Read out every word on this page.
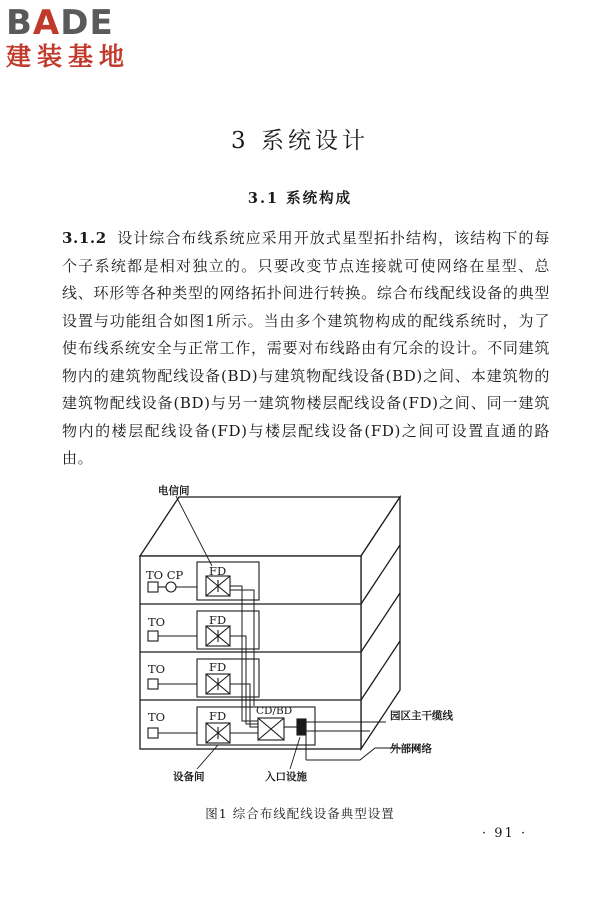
BADE
建装基地
3 系统设计
3.1 系统构成
3.1.2 设计综合布线系统应采用开放式星型拓扑结构，该结构下的每个子系统都是相对独立的。只要改变节点连接就可使网络在星型、总线、环形等各种类型的网络拓扑间进行转换。综合布线配线设备的典型设置与功能组合如图1所示。当由多个建筑物构成的配线系统时，为了使布线系统安全与正常工作，需要对布线路由有冗余的设计。不同建筑物内的建筑物配线设备(BD)与建筑物配线设备(BD)之间、本建筑物的建筑物配线设备(BD)与另一建筑物楼层配线设备(FD)之间、同一建筑物内的楼层配线设备(FD)与楼层配线设备(FD)之间可设置直通的路由。
TO CP FD
TO	FD
TO	FD
TO	FD	CD/BD
电信间
设备间	入口设施
园区主干缆线
外部网络
图1 综合布线配线设备典型设置
· 91 ·
